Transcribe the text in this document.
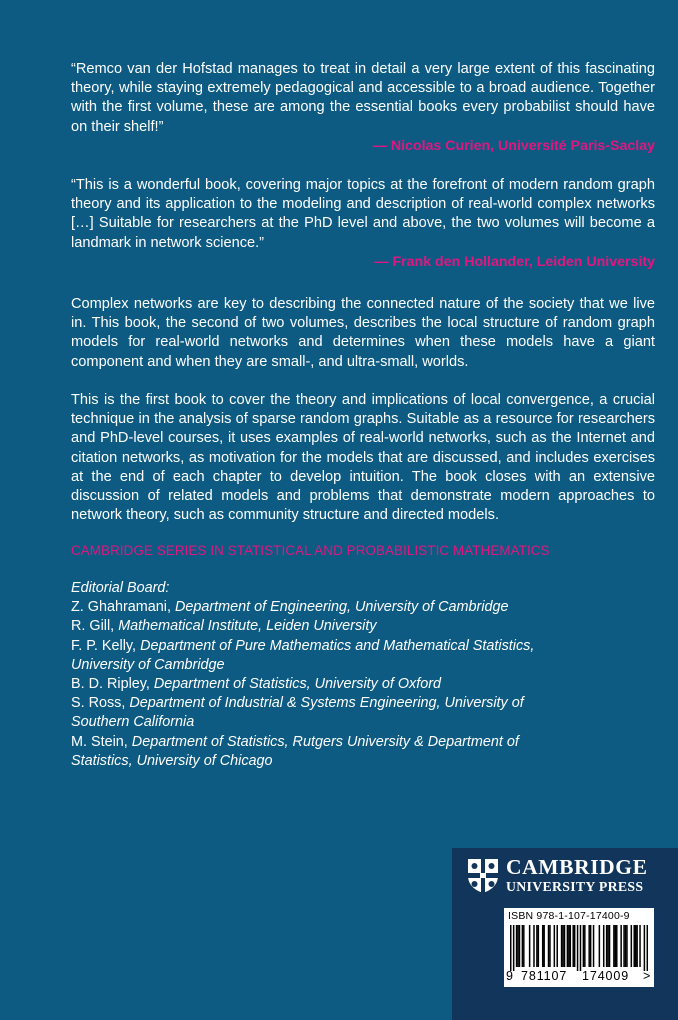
“Remco van der Hofstad manages to treat in detail a very large extent of this fascinating theory, while staying extremely pedagogical and accessible to a broad audience. Together with the first volume, these are among the essential books every probabilist should have on their shelf!”

— Nicolas Curien, Université Paris-Saclay

“This is a wonderful book, covering major topics at the forefront of modern random graph theory and its application to the modeling and description of real-world complex networks […] Suitable for researchers at the PhD level and above, the two volumes will become a landmark in network science.”

— Frank den Hollander, Leiden University

Complex networks are key to describing the connected nature of the society that we live in. This book, the second of two volumes, describes the local structure of random graph models for real-world networks and determines when these models have a giant component and when they are small-, and ultra-small, worlds.

This is the first book to cover the theory and implications of local convergence, a crucial technique in the analysis of sparse random graphs. Suitable as a resource for researchers and PhD-level courses, it uses examples of real-world networks, such as the Internet and citation networks, as motivation for the models that are discussed, and includes exercises at the end of each chapter to develop intuition. The book closes with an extensive discussion of related models and problems that demonstrate modern approaches to network theory, such as community structure and directed models.

CAMBRIDGE SERIES IN STATISTICAL AND PROBABILISTIC MATHEMATICS

Editorial Board:
Z. Ghahramani, Department of Engineering, University of Cambridge
R. Gill, Mathematical Institute, Leiden University
F. P. Kelly, Department of Pure Mathematics and Mathematical Statistics,
University of Cambridge
B. D. Ripley, Department of Statistics, University of Oxford
S. Ross, Department of Industrial & Systems Engineering, University of
Southern California
M. Stein, Department of Statistics, Rutgers University & Department of
Statistics, University of Chicago
CAMBRIDGE
UNIVERSITY PRESS
ISBN 978-1-107-17400-9
9 781107 174009 >
